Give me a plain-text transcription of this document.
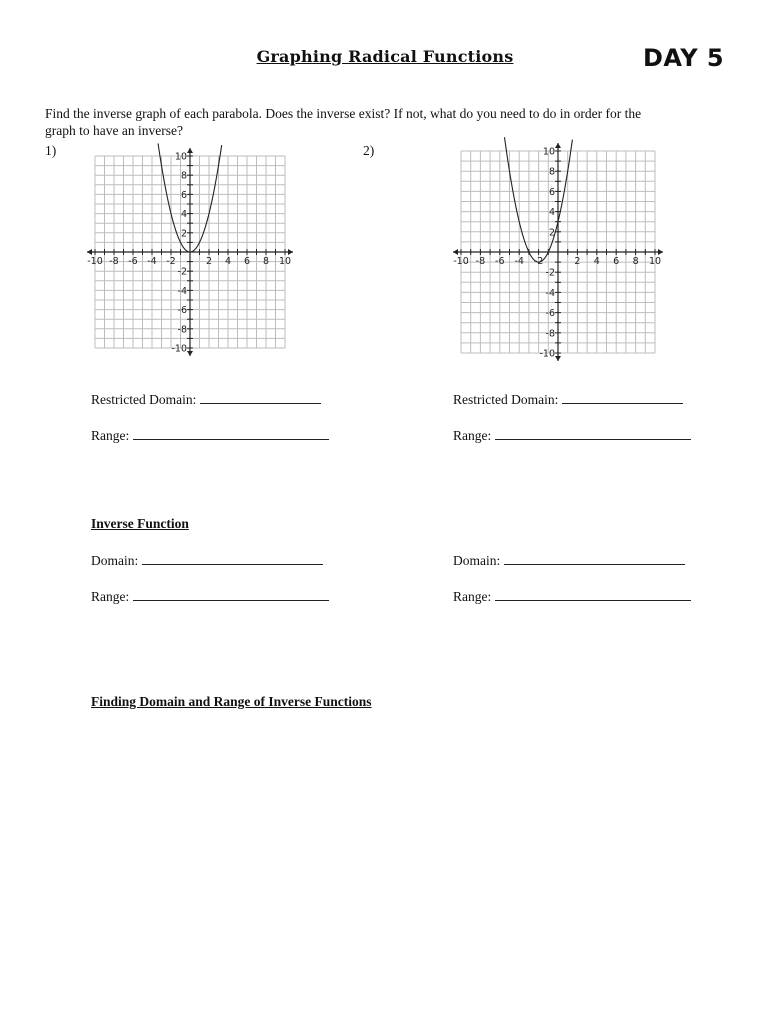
Graphing Radical Functions	DAY 5
Find the inverse graph of each parabola. Does the inverse exist? If not, what do you need to do in order for the
graph to have an inverse?
1)	2)
-10 -8 -6 -4 -2	2 4 6 8 10
10
8
6
4
2
-2
-4
-6
-8
-10
-10 -8 -6 -4 -2	2 4 6 8 10
10
8
6
4
2
-2
-4
-6
-8
-10
Restricted Domain:
Range:
Restricted Domain:
Range:
Inverse Function
Domain:
Range:
Domain:
Range:
Finding Domain and Range of Inverse Functions
